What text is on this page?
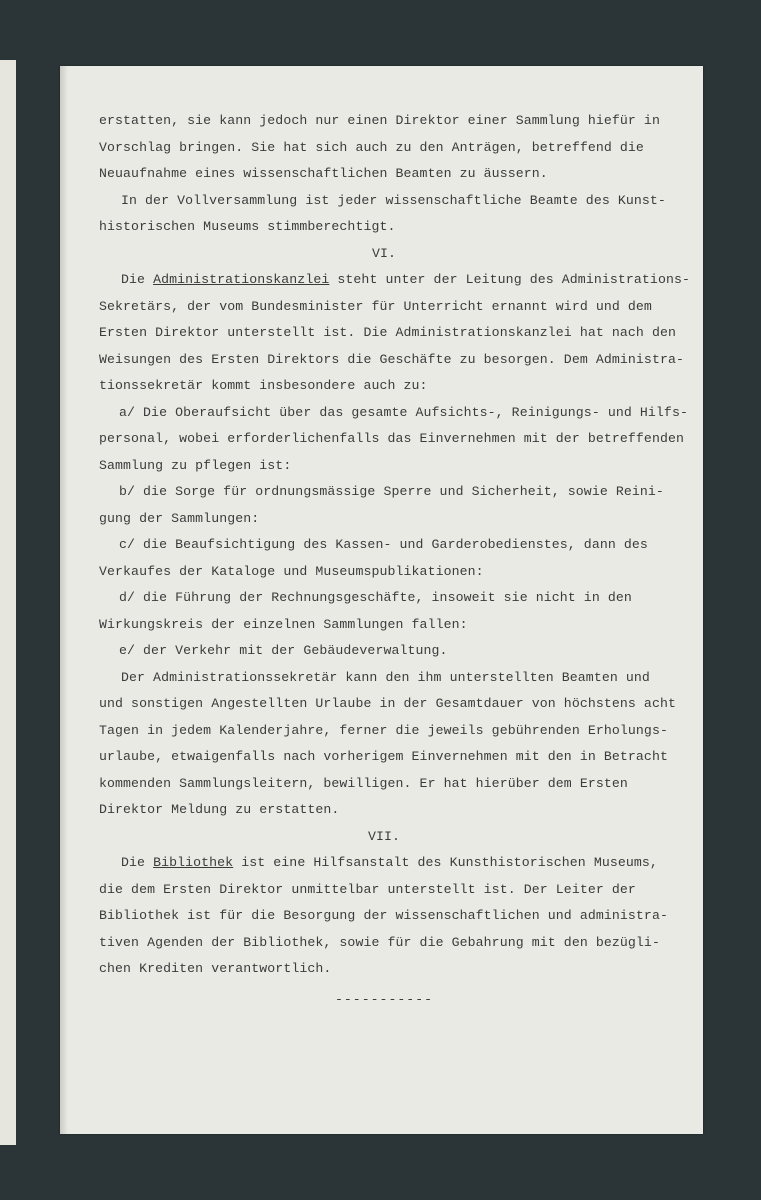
erstatten, sie kann jedoch nur einen Direktor einer Sammlung hiefür in
Vorschlag bringen. Sie hat sich auch zu den Anträgen, betreffend die
Neuaufnahme eines wissenschaftlichen Beamten zu äussern.
In der Vollversammlung ist jeder wissenschaftliche Beamte des Kunst-
historischen Museums stimmberechtigt.
VI.
Die Administrationskanzlei steht unter der Leitung des Administrations-
Sekretärs, der vom Bundesminister für Unterricht ernannt wird und dem
Ersten Direktor unterstellt ist. Die Administrationskanzlei hat nach den
Weisungen des Ersten Direktors die Geschäfte zu besorgen. Dem Administra-
tionssekretär kommt insbesondere auch zu:
a/ Die Oberaufsicht über das gesamte Aufsichts-, Reinigungs- und Hilfs-
personal, wobei erforderlichenfalls das Einvernehmen mit der betreffenden
Sammlung zu pflegen ist:
b/ die Sorge für ordnungsmässige Sperre und Sicherheit, sowie Reini-
gung der Sammlungen:
c/ die Beaufsichtigung des Kassen- und Garderobedienstes, dann des
Verkaufes der Kataloge und Museumspublikationen:
d/ die Führung der Rechnungsgeschäfte, insoweit sie nicht in den
Wirkungskreis der einzelnen Sammlungen fallen:
e/ der Verkehr mit der Gebäudeverwaltung.
Der Administrationssekretär kann den ihm unterstellten Beamten und
und sonstigen Angestellten Urlaube in der Gesamtdauer von höchstens acht
Tagen in jedem Kalenderjahre, ferner die jeweils gebührenden Erholungs-
urlaube, etwaigenfalls nach vorherigem Einvernehmen mit den in Betracht
kommenden Sammlungsleitern, bewilligen. Er hat hierüber dem Ersten
Direktor Meldung zu erstatten.
VII.
Die Bibliothek ist eine Hilfsanstalt des Kunsthistorischen Museums,
die dem Ersten Direktor unmittelbar unterstellt ist. Der Leiter der
Bibliothek ist für die Besorgung der wissenschaftlichen und administra-
tiven Agenden der Bibliothek, sowie für die Gebahrung mit den bezügli-
chen Krediten verantwortlich.
-----------
